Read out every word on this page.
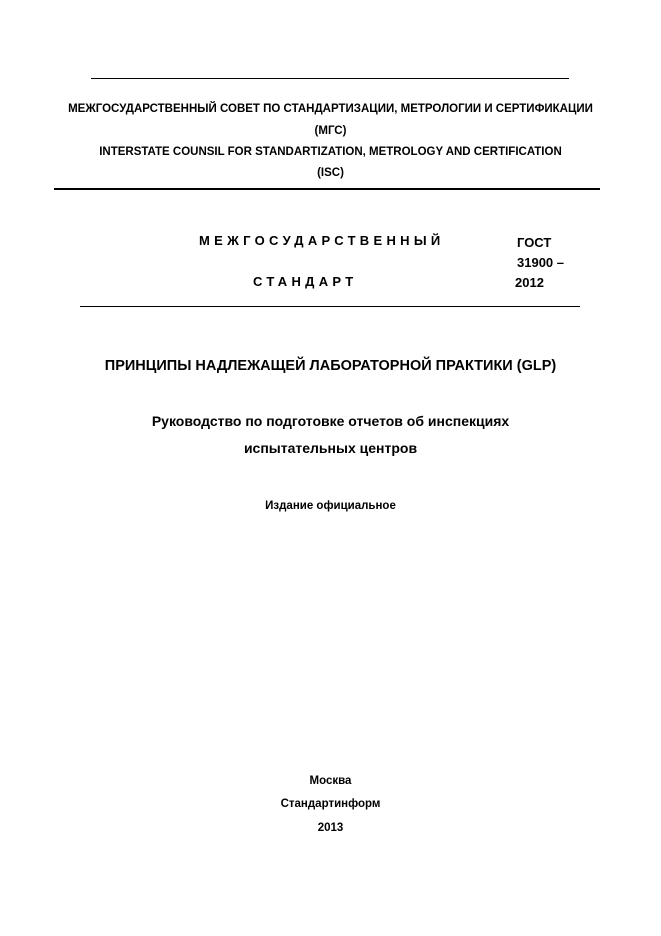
МЕЖГОСУДАРСТВЕННЫЙ СОВЕТ ПО СТАНДАРТИЗАЦИИ, МЕТРОЛОГИИ И СЕРТИФИКАЦИИ
(МГС)
INTERSTATE COUNSIL FOR STANDARTIZATION, METROLOGY AND CERTIFICATION
(ISC)
МЕЖГОСУДАРСТВЕННЫЙ
СТАНДАРТ
ГОСТ
31900 –
2012
ПРИНЦИПЫ НАДЛЕЖАЩЕЙ ЛАБОРАТОРНОЙ ПРАКТИКИ (GLP)
Руководство по подготовке отчетов об инспекциях
испытательных центров
Издание официальное
Москва
Стандартинформ
2013
